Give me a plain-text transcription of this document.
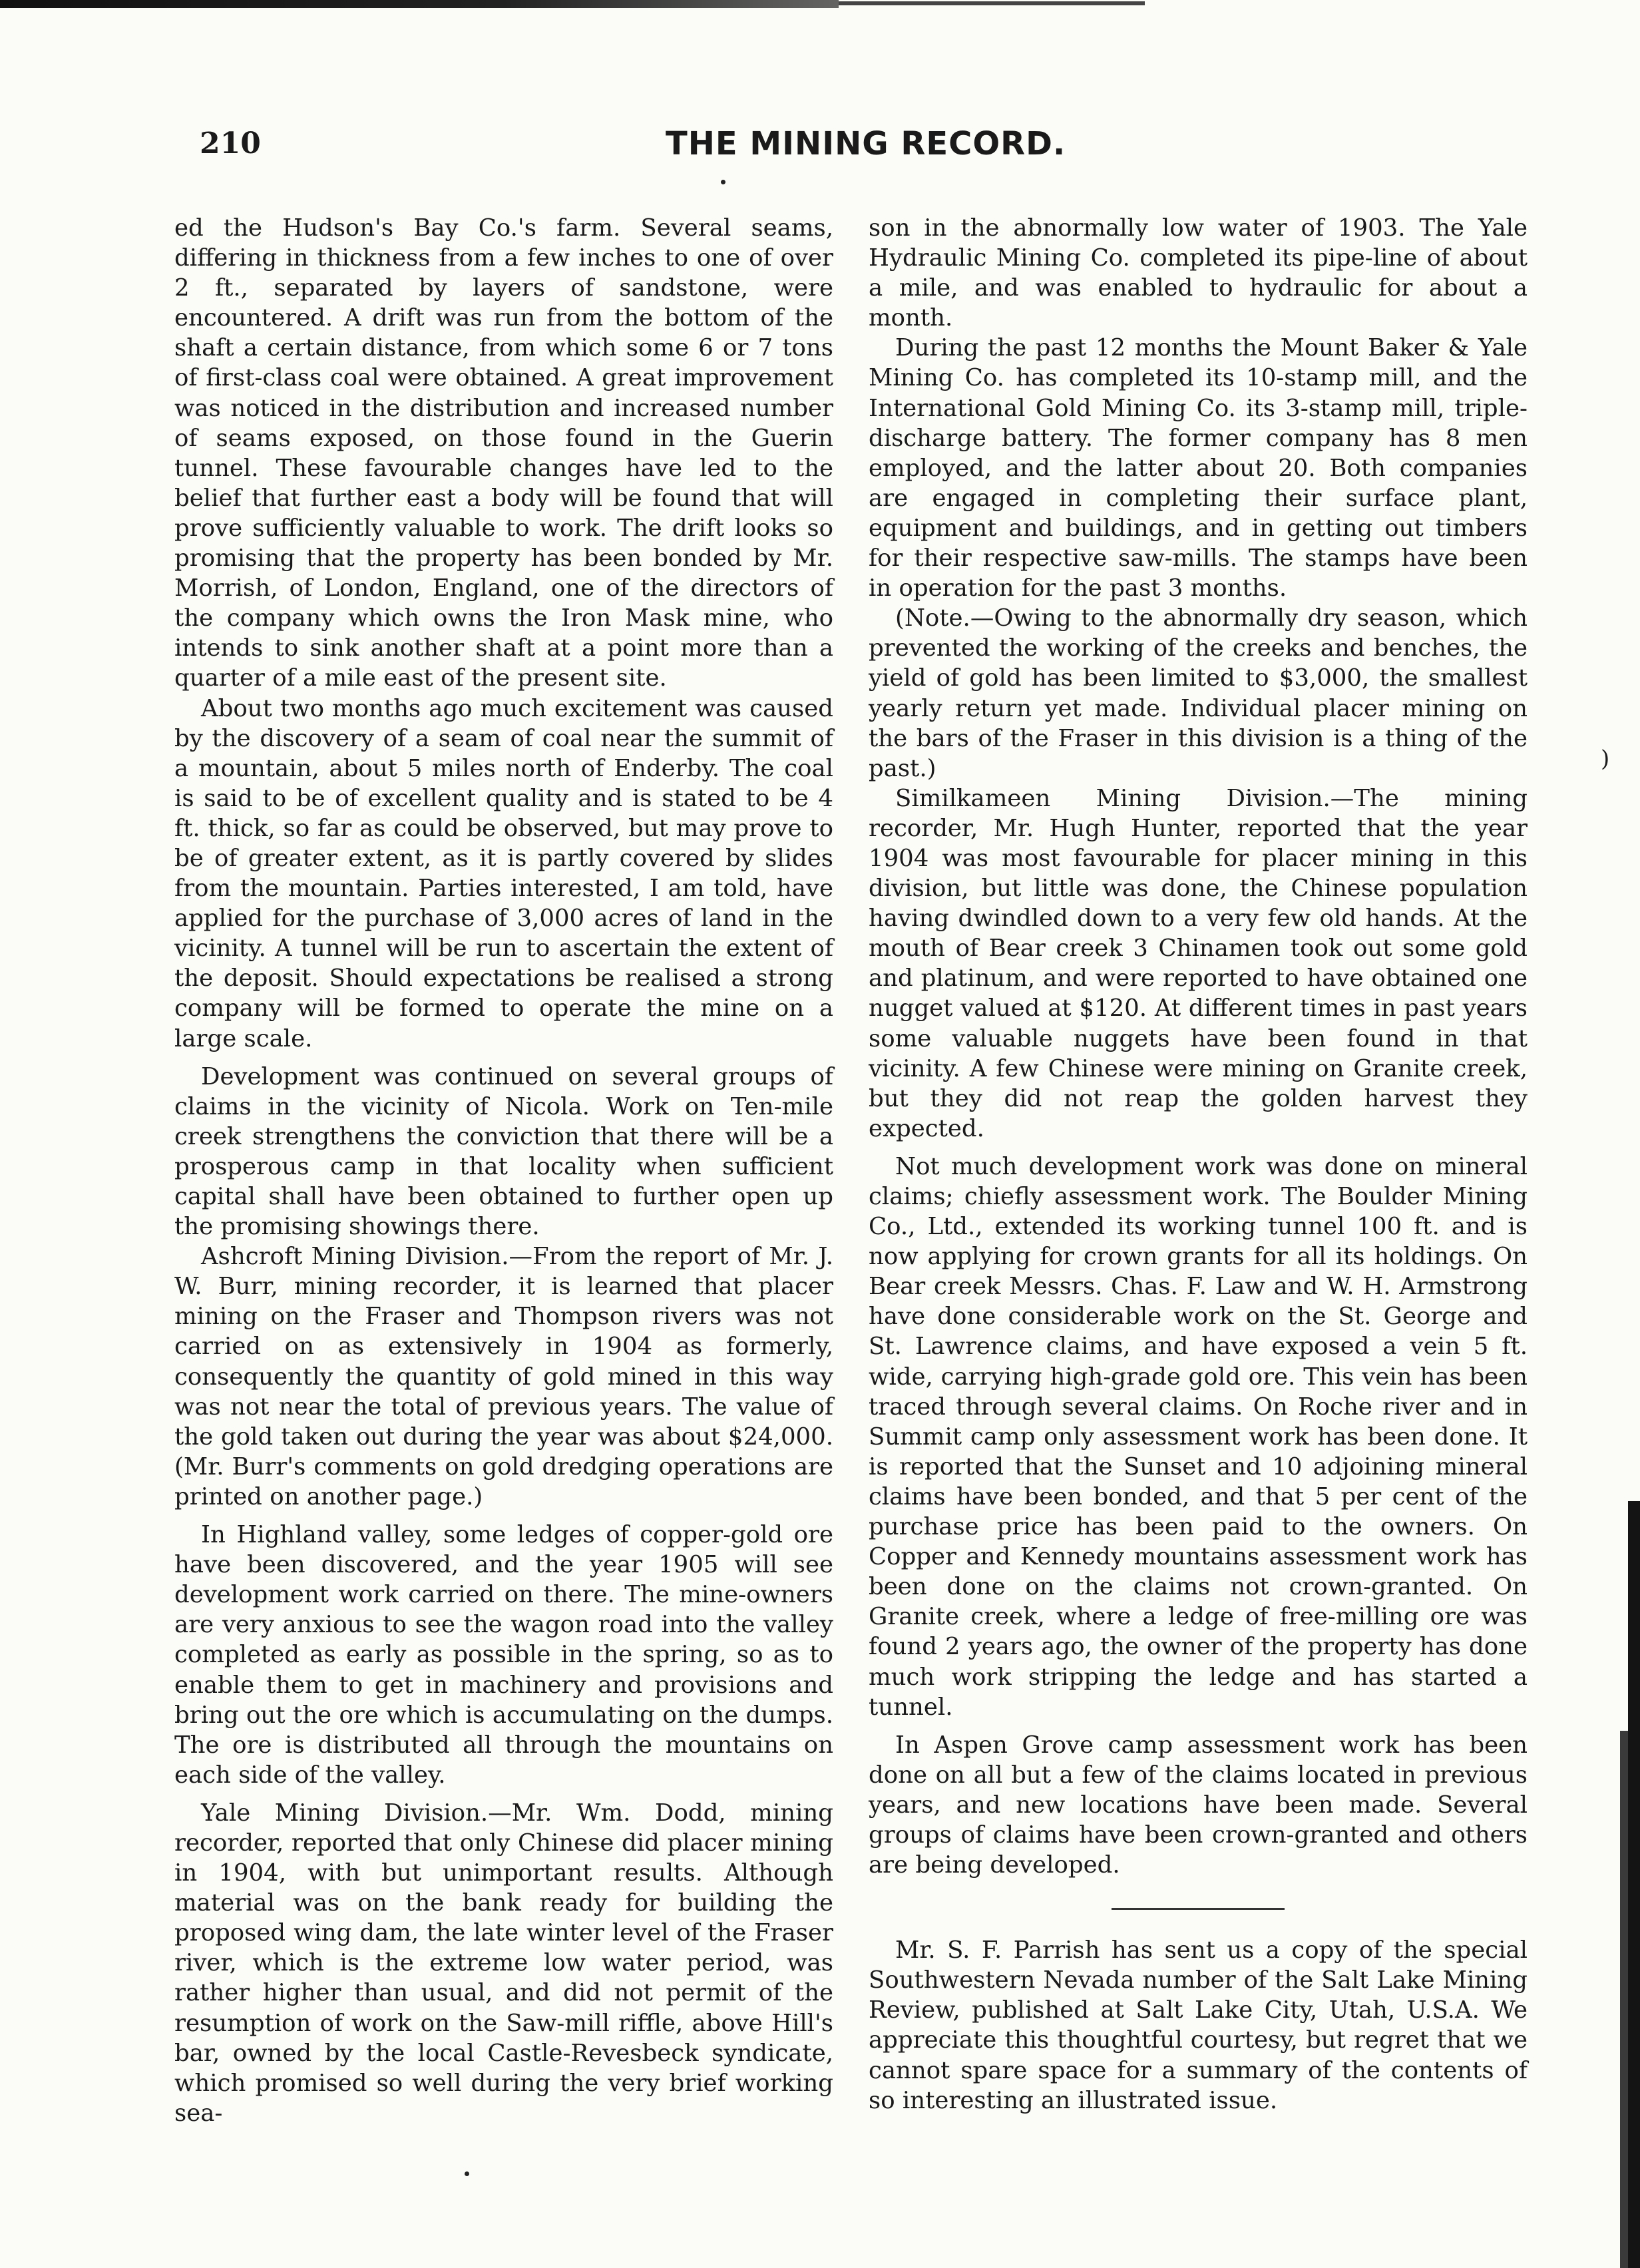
210	THE MINING RECORD.

ed the Hudson's Bay Co.'s farm. Several seams, differing in thickness from a few inches to one of over 2 ft., separated by layers of sandstone, were encountered. A drift was run from the bottom of the shaft a certain distance, from which some 6 or 7 tons of first-class coal were obtained. A great improvement was noticed in the distribution and increased number of seams exposed, on those found in the Guerin tunnel. These favourable changes have led to the belief that further east a body will be found that will prove sufficiently valuable to work. The drift looks so promising that the property has been bonded by Mr. Morrish, of London, England, one of the directors of the company which owns the Iron Mask mine, who intends to sink another shaft at a point more than a quarter of a mile east of the present site.

About two months ago much excitement was caused by the discovery of a seam of coal near the summit of a mountain, about 5 miles north of Enderby. The coal is said to be of excellent quality and is stated to be 4 ft. thick, so far as could be observed, but may prove to be of greater extent, as it is partly covered by slides from the mountain. Parties interested, I am told, have applied for the purchase of 3,000 acres of land in the vicinity. A tunnel will be run to ascertain the extent of the deposit. Should expectations be realised a strong company will be formed to operate the mine on a large scale.

Development was continued on several groups of claims in the vicinity of Nicola. Work on Ten-mile creek strengthens the conviction that there will be a prosperous camp in that locality when sufficient capital shall have been obtained to further open up the promising showings there.

Ashcroft Mining Division.—From the report of Mr. J. W. Burr, mining recorder, it is learned that placer mining on the Fraser and Thompson rivers was not carried on as extensively in 1904 as formerly, consequently the quantity of gold mined in this way was not near the total of previous years. The value of the gold taken out during the year was about $24,000. (Mr. Burr's comments on gold dredging operations are printed on another page.)

In Highland valley, some ledges of copper-gold ore have been discovered, and the year 1905 will see development work carried on there. The mine-owners are very anxious to see the wagon road into the valley completed as early as possible in the spring, so as to enable them to get in machinery and provisions and bring out the ore which is accumulating on the dumps. The ore is distributed all through the mountains on each side of the valley.

Yale Mining Division.—Mr. Wm. Dodd, mining recorder, reported that only Chinese did placer mining in 1904, with but unimportant results. Although material was on the bank ready for building the proposed wing dam, the late winter level of the Fraser river, which is the extreme low water period, was rather higher than usual, and did not permit of the resumption of work on the Saw-mill riffle, above Hill's bar, owned by the local Castle-Revesbeck syndicate, which promised so well during the very brief working sea-

son in the abnormally low water of 1903. The Yale Hydraulic Mining Co. completed its pipe-line of about a mile, and was enabled to hydraulic for about a month.

During the past 12 months the Mount Baker & Yale Mining Co. has completed its 10-stamp mill, and the International Gold Mining Co. its 3-stamp mill, triple-discharge battery. The former company has 8 men employed, and the latter about 20. Both companies are engaged in completing their surface plant, equipment and buildings, and in getting out timbers for their respective saw-mills. The stamps have been in operation for the past 3 months.

(Note.—Owing to the abnormally dry season, which prevented the working of the creeks and benches, the yield of gold has been limited to $3,000, the smallest yearly return yet made. Individual placer mining on the bars of the Fraser in this division is a thing of the past.)

Similkameen Mining Division.—The mining recorder, Mr. Hugh Hunter, reported that the year 1904 was most favourable for placer mining in this division, but little was done, the Chinese population having dwindled down to a very few old hands. At the mouth of Bear creek 3 Chinamen took out some gold and platinum, and were reported to have obtained one nugget valued at $120. At different times in past years some valuable nuggets have been found in that vicinity. A few Chinese were mining on Granite creek, but they did not reap the golden harvest they expected.

Not much development work was done on mineral claims; chiefly assessment work. The Boulder Mining Co., Ltd., extended its working tunnel 100 ft. and is now applying for crown grants for all its holdings. On Bear creek Messrs. Chas. F. Law and W. H. Armstrong have done considerable work on the St. George and St. Lawrence claims, and have exposed a vein 5 ft. wide, carrying high-grade gold ore. This vein has been traced through several claims. On Roche river and in Summit camp only assessment work has been done. It is reported that the Sunset and 10 adjoining mineral claims have been bonded, and that 5 per cent of the purchase price has been paid to the owners. On Copper and Kennedy mountains assessment work has been done on the claims not crown-granted. On Granite creek, where a ledge of free-milling ore was found 2 years ago, the owner of the property has done much work stripping the ledge and has started a tunnel.

In Aspen Grove camp assessment work has been done on all but a few of the claims located in previous years, and new locations have been made. Several groups of claims have been crown-granted and others are being developed.

Mr. S. F. Parrish has sent us a copy of the special Southwestern Nevada number of the Salt Lake Mining Review, published at Salt Lake City, Utah, U.S.A. We appreciate this thoughtful courtesy, but regret that we cannot spare space for a summary of the contents of so interesting an illustrated issue.

)
